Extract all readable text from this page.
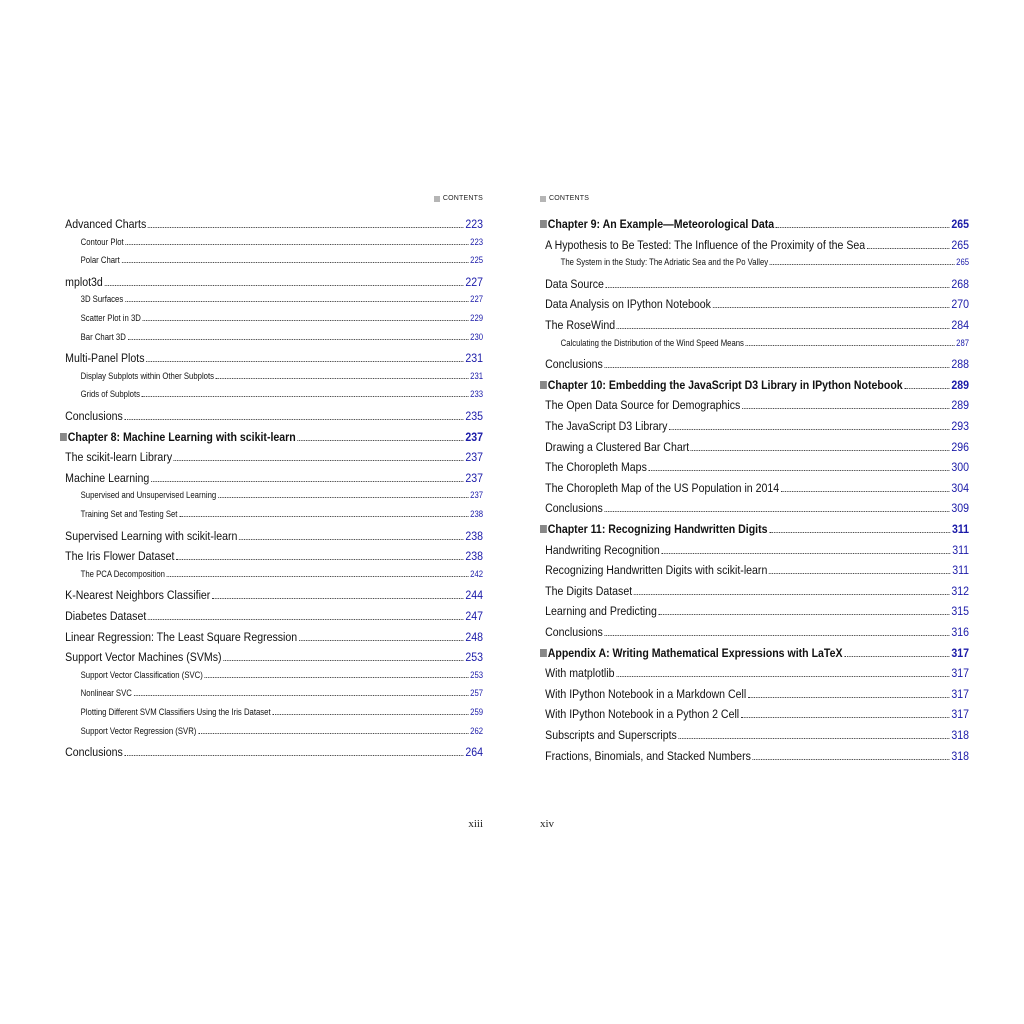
CONTENTS
Advanced Charts	223
Contour Plot	223
Polar Chart	225
mplot3d	227
3D Surfaces	227
Scatter Plot in 3D	229
Bar Chart 3D	230
Multi-Panel Plots	231
Display Subplots within Other Subplots	231
Grids of Subplots	233
Conclusions	235
Chapter 8: Machine Learning with scikit-learn	237
The scikit-learn Library	237
Machine Learning	237
Supervised and Unsupervised Learning	237
Training Set and Testing Set	238
Supervised Learning with scikit-learn	238
The Iris Flower Dataset	238
The PCA Decomposition	242
K-Nearest Neighbors Classifier	244
Diabetes Dataset	247
Linear Regression: The Least Square Regression	248
Support Vector Machines (SVMs)	253
Support Vector Classification (SVC)	253
Nonlinear SVC	257
Plotting Different SVM Classifiers Using the Iris Dataset	259
Support Vector Regression (SVR)	262
Conclusions	264
xiii
CONTENTS
Chapter 9: An Example—Meteorological Data	265
A Hypothesis to Be Tested: The Influence of the Proximity of the Sea	265
The System in the Study: The Adriatic Sea and the Po Valley	265
Data Source	268
Data Analysis on IPython Notebook	270
The RoseWind	284
Calculating the Distribution of the Wind Speed Means	287
Conclusions	288
Chapter 10: Embedding the JavaScript D3 Library in IPython Notebook	289
The Open Data Source for Demographics	289
The JavaScript D3 Library	293
Drawing a Clustered Bar Chart	296
The Choropleth Maps	300
The Choropleth Map of the US Population in 2014	304
Conclusions	309
Chapter 11: Recognizing Handwritten Digits	311
Handwriting Recognition	311
Recognizing Handwritten Digits with scikit-learn	311
The Digits Dataset	312
Learning and Predicting	315
Conclusions	316
Appendix A: Writing Mathematical Expressions with LaTeX	317
With matplotlib	317
With IPython Notebook in a Markdown Cell	317
With IPython Notebook in a Python 2 Cell	317
Subscripts and Superscripts	318
Fractions, Binomials, and Stacked Numbers	318
xiv
